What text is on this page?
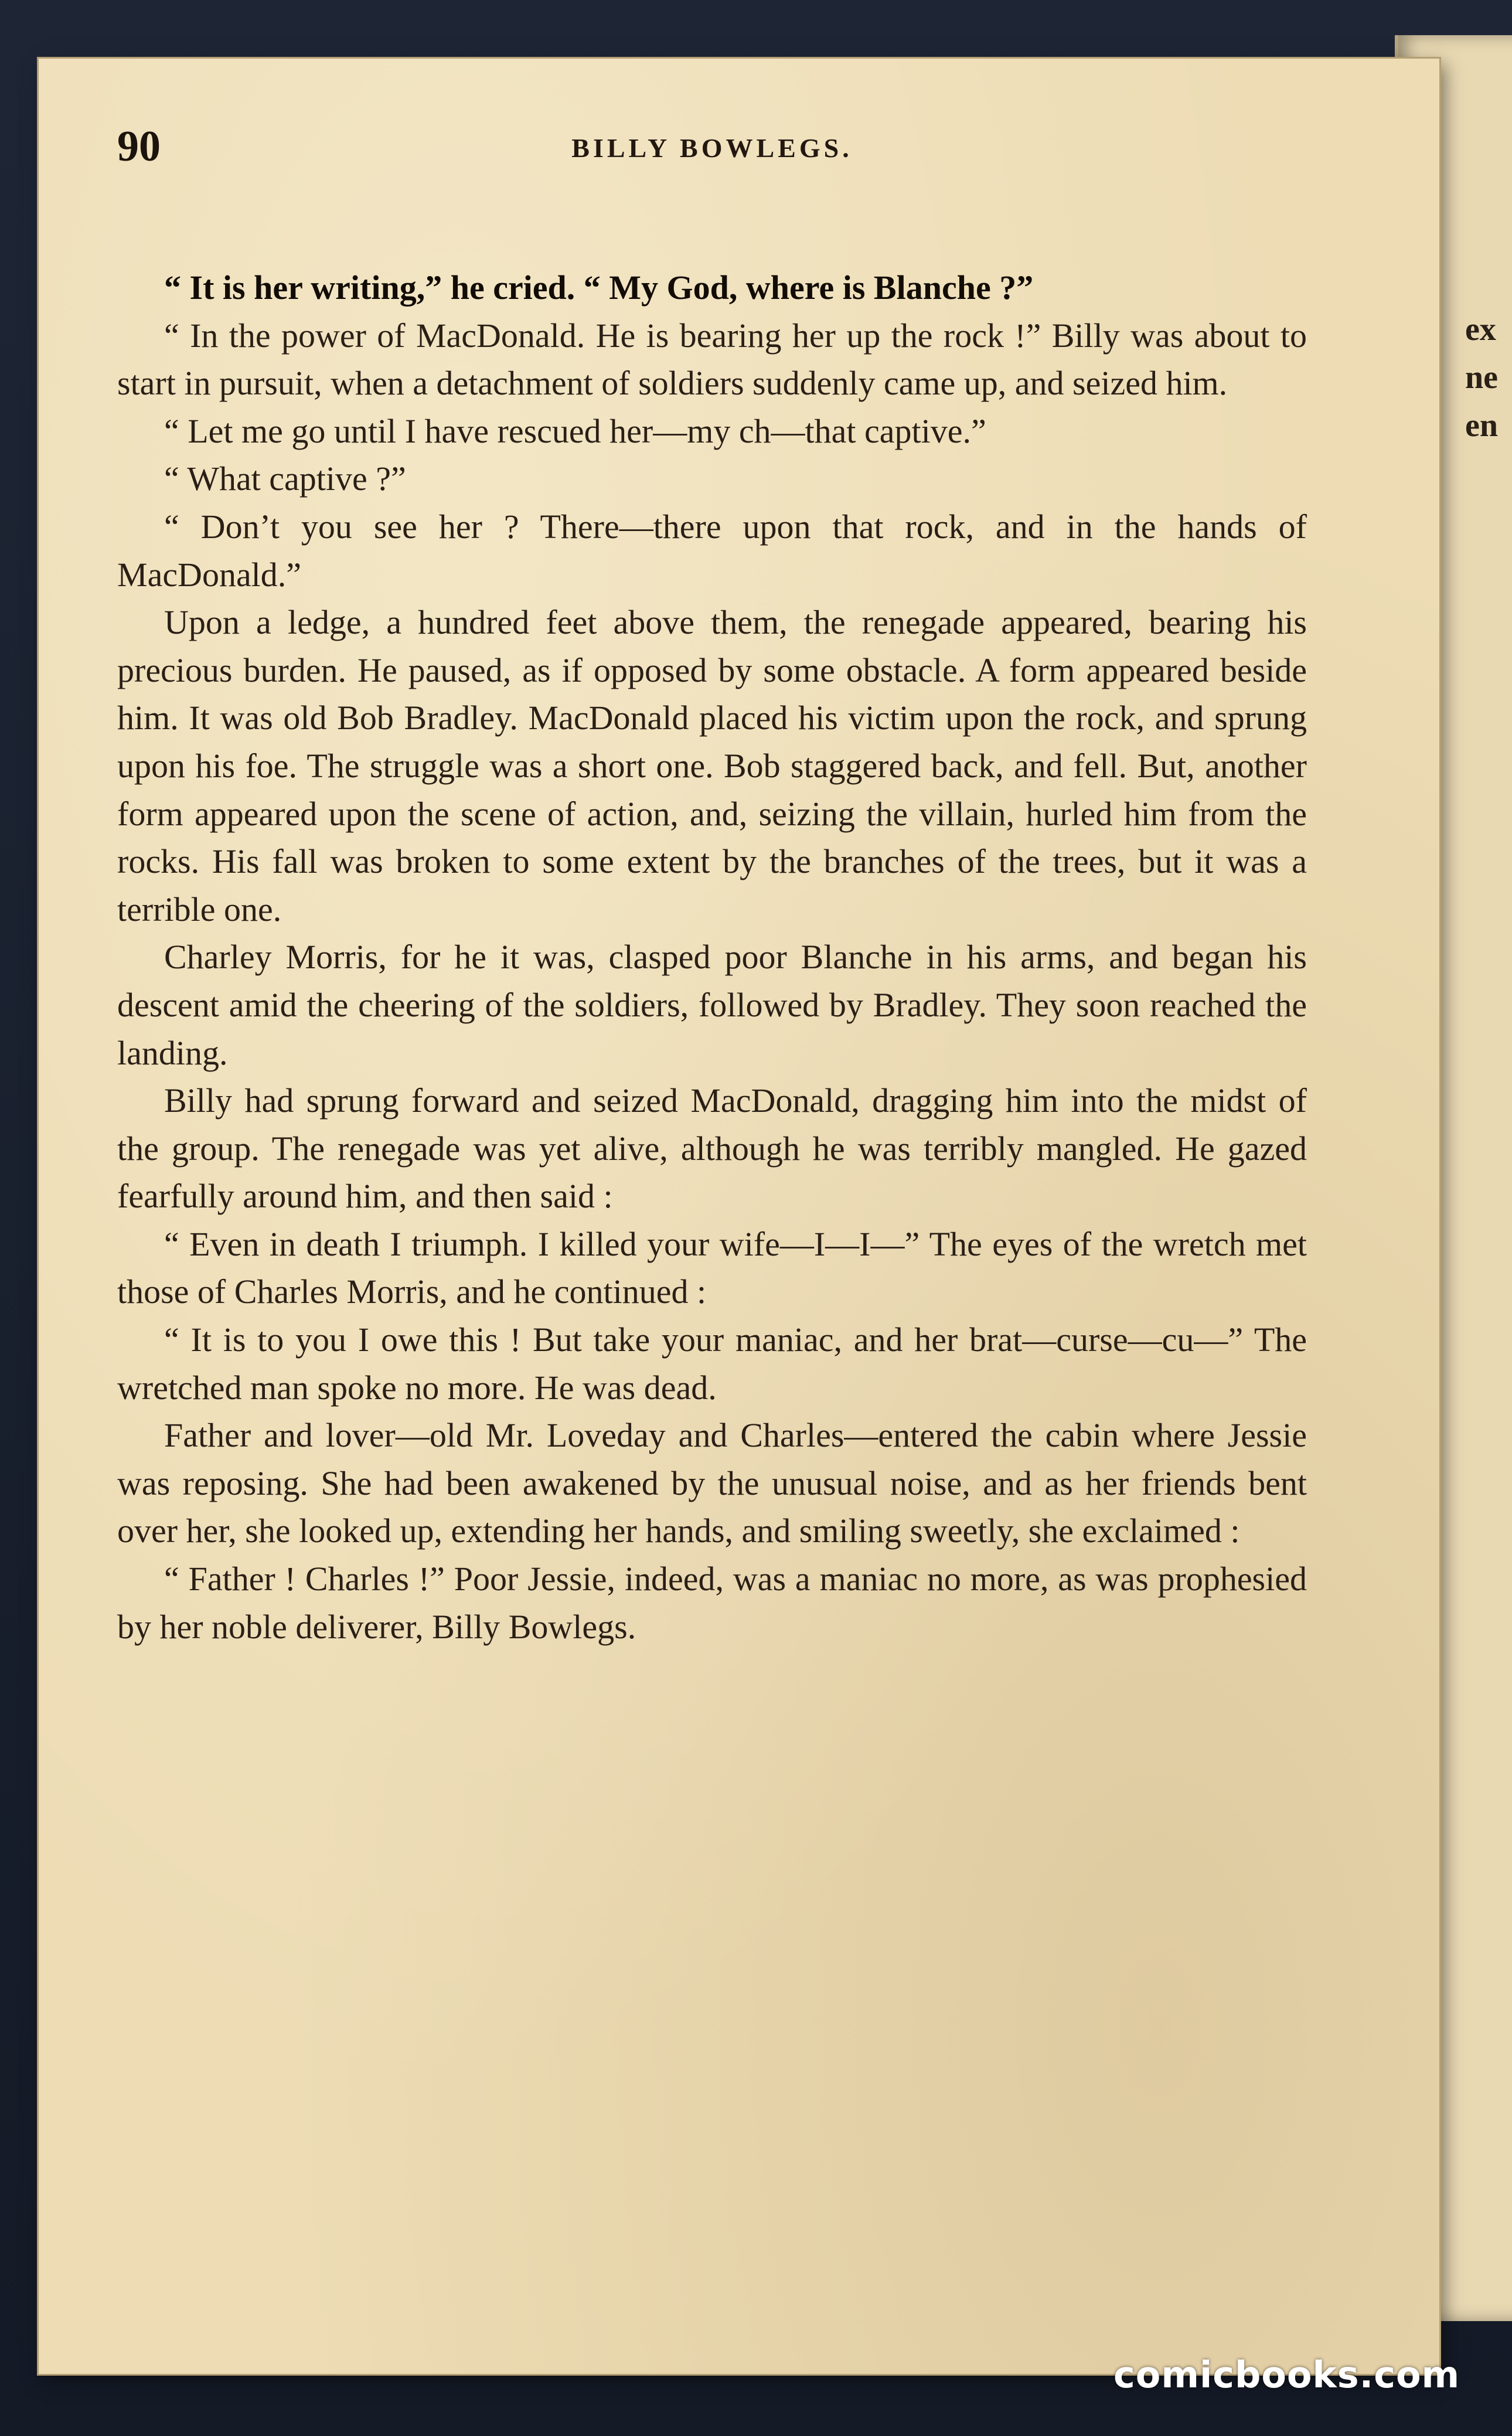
ex
ne
en
90	BILLY BOWLEGS.

“ It is her writing,” he cried. “ My God, where is Blanche ?”

“ In the power of MacDonald. He is bearing her up the rock !” Billy was about to start in pursuit, when a detachment of soldiers suddenly came up, and seized him.

“ Let me go until I have rescued her—my ch—that captive.”

“ What captive ?”

“ Don’t you see her ? There—there upon that rock, and in the hands of MacDonald.”

Upon a ledge, a hundred feet above them, the renegade appeared, bearing his precious burden. He paused, as if opposed by some obstacle. A form appeared beside him. It was old Bob Bradley. MacDonald placed his victim upon the rock, and sprung upon his foe. The struggle was a short one. Bob staggered back, and fell. But, another form appeared upon the scene of action, and, seizing the villain, hurled him from the rocks. His fall was broken to some extent by the branches of the trees, but it was a terrible one.

Charley Morris, for he it was, clasped poor Blanche in his arms, and began his descent amid the cheering of the soldiers, followed by Bradley. They soon reached the landing.

Billy had sprung forward and seized MacDonald, dragging him into the midst of the group. The renegade was yet alive, although he was terribly mangled. He gazed fearfully around him, and then said :

“ Even in death I triumph. I killed your wife—I—I—” The eyes of the wretch met those of Charles Morris, and he continued :

“ It is to you I owe this ! But take your maniac, and her brat—curse—cu—” The wretched man spoke no more. He was dead.

Father and lover—old Mr. Loveday and Charles—entered the cabin where Jessie was reposing. She had been awakened by the unusual noise, and as her friends bent over her, she looked up, extending her hands, and smiling sweetly, she exclaimed :

“ Father ! Charles !” Poor Jessie, indeed, was a maniac no more, as was prophesied by her noble deliverer, Billy Bowlegs.

comicbooks.com
